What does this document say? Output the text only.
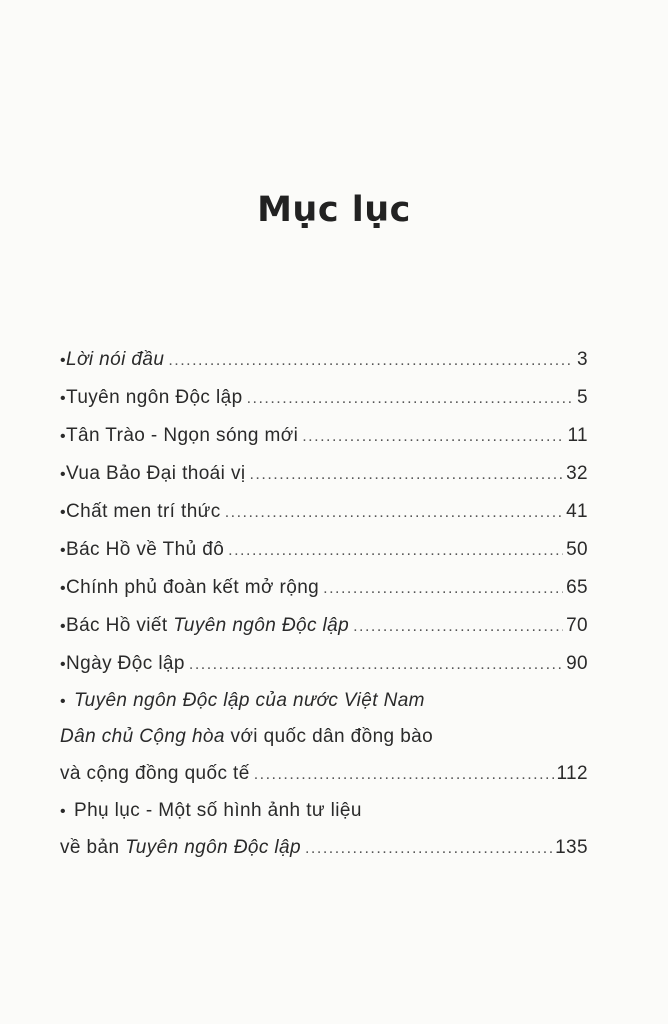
Mục lục
• Lời nói đầu .....	3
• Tuyên ngôn Độc lập .....	5
• Tân Trào - Ngọn sóng mới .....	11
• Vua Bảo Đại thoái vị .....	32
• Chất men trí thức .....	41
• Bác Hồ về Thủ đô .....	50
• Chính phủ đoàn kết mở rộng .....	65
• Bác Hồ viết Tuyên ngôn Độc lập .....	70
• Ngày Độc lập .....	90
• Tuyên ngôn Độc lập của nước Việt Nam
Dân chủ Cộng hòa với quốc dân đồng bào
và cộng đồng quốc tế .....	112
• Phụ lục - Một số hình ảnh tư liệu
về bản Tuyên ngôn Độc lập .....	135
